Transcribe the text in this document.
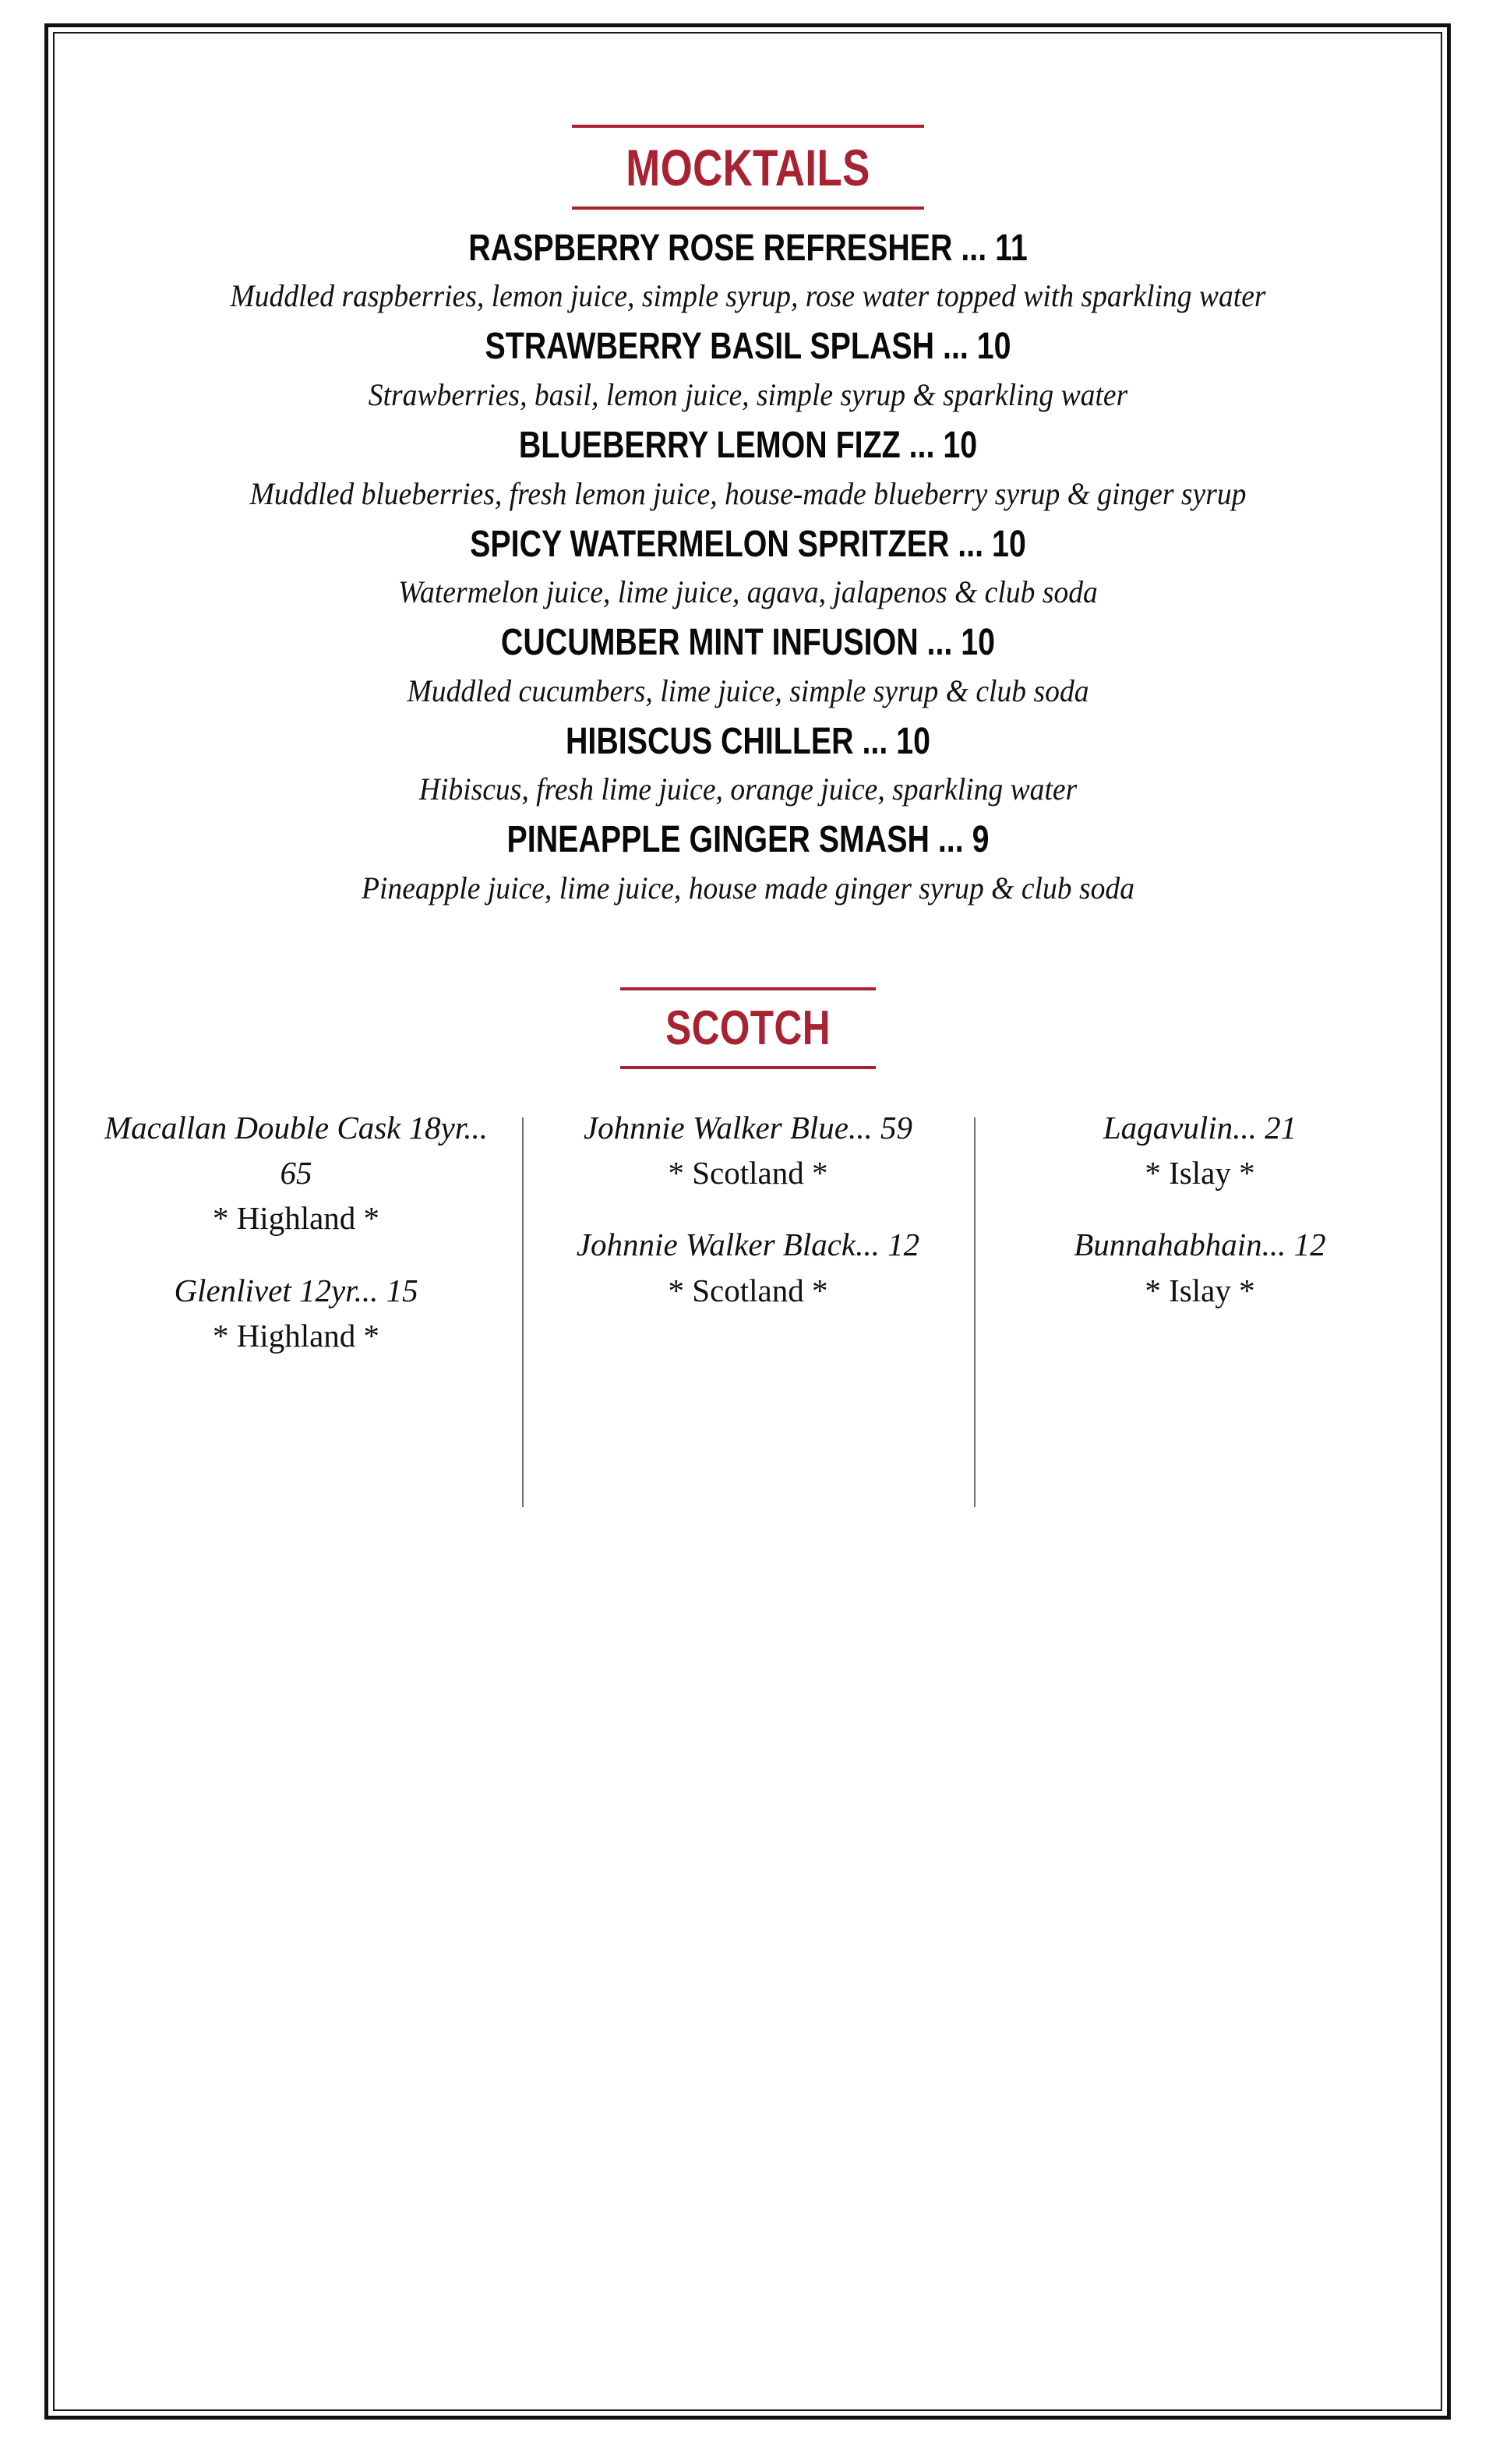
MOCKTAILS
RASPBERRY ROSE REFRESHER ... 11
Muddled raspberries, lemon juice, simple syrup, rose water topped with sparkling water
STRAWBERRY BASIL SPLASH ... 10
Strawberries, basil, lemon juice, simple syrup & sparkling water
BLUEBERRY LEMON FIZZ ... 10
Muddled blueberries, fresh lemon juice, house-made blueberry syrup & ginger syrup
SPICY WATERMELON SPRITZER ... 10
Watermelon juice, lime juice, agava, jalapenos & club soda
CUCUMBER MINT INFUSION ... 10
Muddled cucumbers, lime juice, simple syrup & club soda
HIBISCUS CHILLER ... 10
Hibiscus, fresh lime juice, orange juice, sparkling water
PINEAPPLE GINGER SMASH ... 9
Pineapple juice, lime juice, house made ginger syrup & club soda
SCOTCH
Macallan Double Cask 18yr... 65
* Highland *
Glenlivet 12yr... 15
* Highland *
Johnnie Walker Blue... 59
* Scotland *
Johnnie Walker Black... 12
* Scotland *
Lagavulin... 21
* Islay *
Bunnahabhain... 12
* Islay *
